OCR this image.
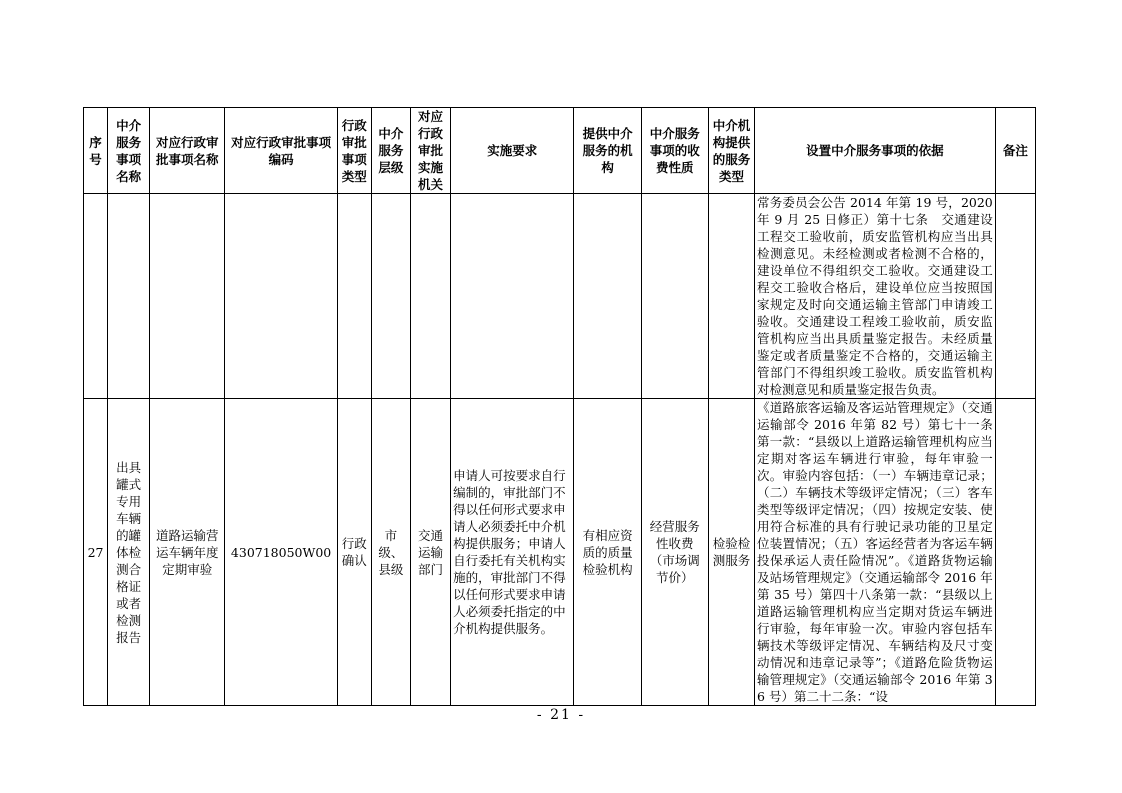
序号	中介服务事项名称	对应行政审批事项名称	对应行政审批事项编码	行政审批事项类型	中介服务层级	对应行政审批实施机关	实施要求	提供中介服务的机构	中介服务事项的收费性质	中介机构提供的服务类型	设置中介服务事项的依据	备注
											常务委员会公告 2014 年第 19 号，2020 年 9 月 25 日修正）第十七条　交通建设工程交工验收前，质安监管机构应当出具检测意见。未经检测或者检测不合格的，建设单位不得组织交工验收。交通建设工程交工验收合格后，建设单位应当按照国家规定及时向交通运输主管部门申请竣工验收。交通建设工程竣工验收前，质安监管机构应当出具质量鉴定报告。未经质量鉴定或者质量鉴定不合格的，交通运输主管部门不得组织竣工验收。质安监管机构对检测意见和质量鉴定报告负责。	
27	出具罐式专用车辆的罐体检测合格证或者检测报告	道路运输营运车辆年度定期审验	430718050W00	行政确认	市级、县级	交通运输部门	申请人可按要求自行编制的，审批部门不得以任何形式要求申请人必须委托中介机构提供服务；申请人自行委托有关机构实施的，审批部门不得以任何形式要求申请人必须委托指定的中介机构提供服务。	有相应资质的质量检验机构	经营服务性收费（市场调节价）	检验检测服务	《道路旅客运输及客运站管理规定》（交通运输部令 2016 年第 82 号）第七十一条第一款：“县级以上道路运输管理机构应当定期对客运车辆进行审验，每年审验一次。审验内容包括：（一）车辆违章记录；（二）车辆技术等级评定情况；（三）客车类型等级评定情况；（四）按规定安装、使用符合标准的具有行驶记录功能的卫星定位装置情况；（五）客运经营者为客运车辆投保承运人责任险情况”。《道路货物运输及站场管理规定》（交通运输部令 2016 年第 35 号）第四十八条第一款：“县级以上道路运输管理机构应当定期对货运车辆进行审验，每年审验一次。审验内容包括车辆技术等级评定情况、车辆结构及尺寸变动情况和违章记录等”；《道路危险货物运输管理规定》（交通运输部令 2016 年第 36 号）第二十二条：“设	
- 21 -
